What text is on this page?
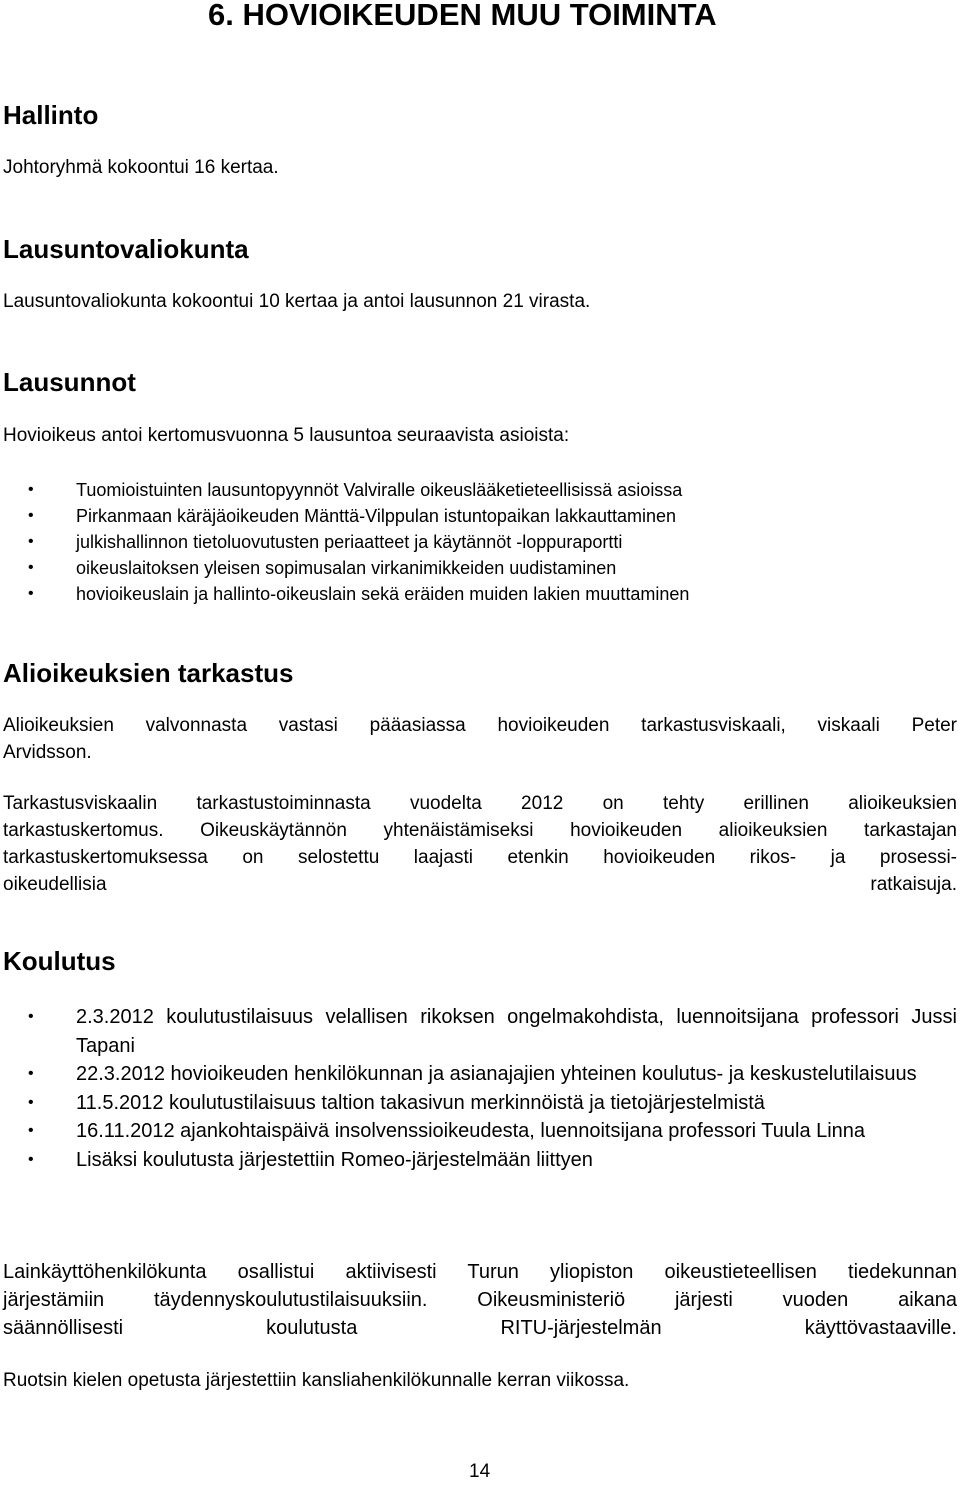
6. HOVIOIKEUDEN MUU TOIMINTA
Hallinto

Johtoryhmä kokoontui 16 kertaa.

Lausuntovaliokunta

Lausuntovaliokunta kokoontui 10 kertaa ja antoi lausunnon 21 virasta.

Lausunnot

Hovioikeus antoi kertomusvuonna 5 lausuntoa seuraavista asioista:

• Tuomioistuinten lausuntopyynnöt Valviralle oikeuslääketieteellisissä asioissa
• Pirkanmaan käräjäoikeuden Mänttä-Vilppulan istuntopaikan lakkauttaminen
• julkishallinnon tietoluovutusten periaatteet ja käytännöt -loppuraportti
• oikeuslaitoksen yleisen sopimusalan virkanimikkeiden uudistaminen
• hovioikeuslain ja hallinto-oikeuslain sekä eräiden muiden lakien muuttaminen
Alioikeuksien tarkastus
Alioikeuksien valvonnasta vastasi pääasiassa hovioikeuden tarkastusviskaali, viskaali Peter
Arvidsson.
Tarkastusviskaalin tarkastustoiminnasta vuodelta 2012 on tehty erillinen alioikeuksien
tarkastuskertomus. Oikeuskäytännön yhtenäistämiseksi hovioikeuden alioikeuksien tarkastajan
tarkastuskertomuksessa on selostettu laajasti etenkin hovioikeuden rikos- ja prosessi-
oikeudellisia ratkaisuja.
Koulutus
• 2.3.2012 koulutustilaisuus velallisen rikoksen ongelmakohdista, luennoitsijana professori Jussi Tapani
• 22.3.2012 hovioikeuden henkilökunnan ja asianajajien yhteinen koulutus- ja keskustelutilaisuus
• 11.5.2012 koulutustilaisuus taltion takasivun merkinnöistä ja tietojärjestelmistä
• 16.11.2012 ajankohtaispäivä insolvenssioikeudesta, luennoitsijana professori Tuula Linna
• Lisäksi koulutusta järjestettiin Romeo-järjestelmään liittyen
Lainkäyttöhenkilökunta osallistui aktiivisesti Turun yliopiston oikeustieteellisen tiedekunnan
järjestämiin täydennyskoulutustilaisuuksiin. Oikeusministeriö järjesti vuoden aikana
säännöllisesti koulutusta RITU-järjestelmän käyttövastaaville.

Ruotsin kielen opetusta järjestettiin kansliahenkilökunnalle kerran viikossa.

14
